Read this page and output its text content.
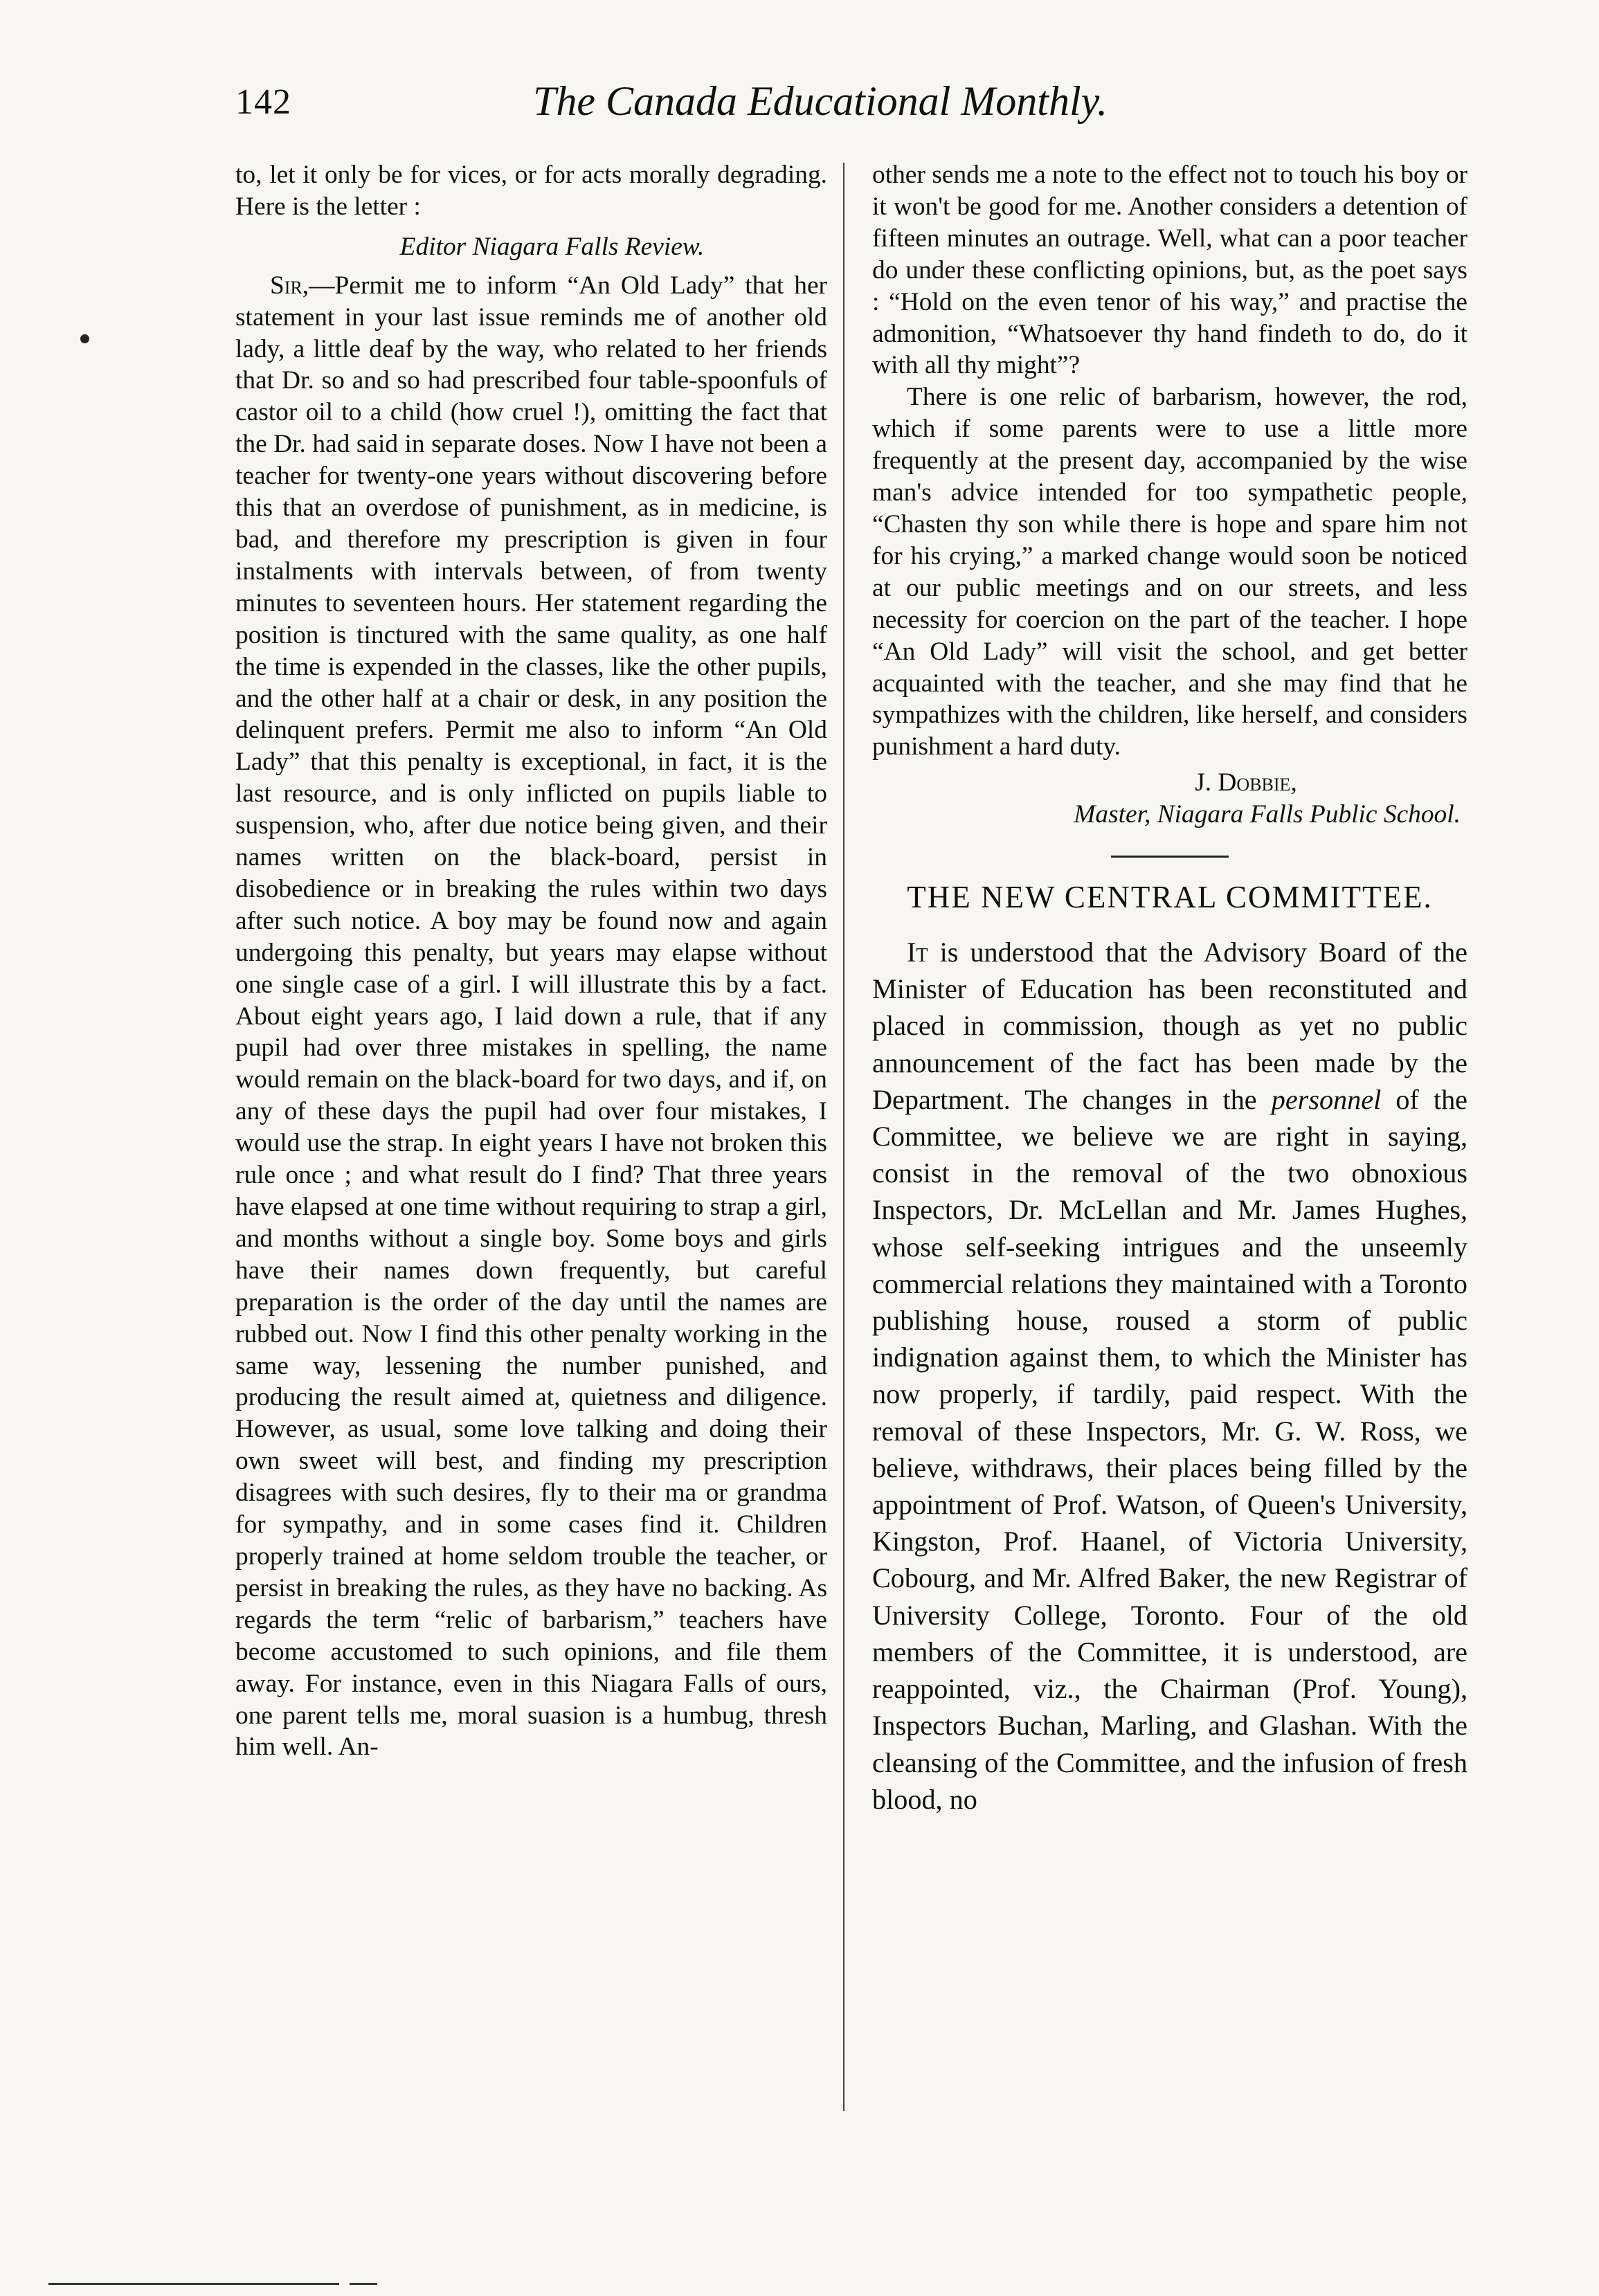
142	The Canada Educational Monthly.

to, let it only be for vices, or for acts morally degrading. Here is the letter :

Editor Niagara Falls Review.

Sir,—Permit me to inform “An Old Lady” that her statement in your last issue reminds me of another old lady, a little deaf by the way, who related to her friends that Dr. so and so had prescribed four table-spoonfuls of castor oil to a child (how cruel !), omitting the fact that the Dr. had said in separate doses. Now I have not been a teacher for twenty-one years without discovering before this that an overdose of punishment, as in medicine, is bad, and therefore my prescription is given in four instalments with intervals between, of from twenty minutes to seventeen hours. Her statement regarding the position is tinctured with the same quality, as one half the time is expended in the classes, like the other pupils, and the other half at a chair or desk, in any position the delinquent prefers. Permit me also to inform “An Old Lady” that this penalty is exceptional, in fact, it is the last resource, and is only inflicted on pupils liable to suspension, who, after due notice being given, and their names written on the black-board, persist in disobedience or in breaking the rules within two days after such notice. A boy may be found now and again undergoing this penalty, but years may elapse without one single case of a girl. I will illustrate this by a fact. About eight years ago, I laid down a rule, that if any pupil had over three mistakes in spelling, the name would remain on the black-board for two days, and if, on any of these days the pupil had over four mistakes, I would use the strap. In eight years I have not broken this rule once ; and what result do I find? That three years have elapsed at one time without requiring to strap a girl, and months without a single boy. Some boys and girls have their names down frequently, but careful preparation is the order of the day until the names are rubbed out. Now I find this other penalty working in the same way, lessening the number punished, and producing the result aimed at, quietness and diligence. However, as usual, some love talking and doing their own sweet will best, and finding my prescription disagrees with such desires, fly to their ma or grandma for sympathy, and in some cases find it. Children properly trained at home seldom trouble the teacher, or persist in breaking the rules, as they have no backing. As regards the term “relic of barbarism,” teachers have become accustomed to such opinions, and file them away. For instance, even in this Niagara Falls of ours, one parent tells me, moral suasion is a humbug, thresh him well. An-

other sends me a note to the effect not to touch his boy or it won't be good for me. Another considers a detention of fifteen minutes an outrage. Well, what can a poor teacher do under these conflicting opinions, but, as the poet says : “Hold on the even tenor of his way,” and practise the admonition, “Whatsoever thy hand findeth to do, do it with all thy might”?

There is one relic of barbarism, however, the rod, which if some parents were to use a little more frequently at the present day, accompanied by the wise man's advice intended for too sympathetic people, “Chasten thy son while there is hope and spare him not for his crying,” a marked change would soon be noticed at our public meetings and on our streets, and less necessity for coercion on the part of the teacher. I hope “An Old Lady” will visit the school, and get better acquainted with the teacher, and she may find that he sympathizes with the children, like herself, and considers punishment a hard duty.

J. Dobbie,

Master, Niagara Falls Public School.

THE NEW CENTRAL COMMITTEE.

It is understood that the Advisory Board of the Minister of Education has been reconstituted and placed in commission, though as yet no public announcement of the fact has been made by the Department. The changes in the personnel of the Committee, we believe we are right in saying, consist in the removal of the two obnoxious Inspectors, Dr. McLellan and Mr. James Hughes, whose self-seeking intrigues and the unseemly commercial relations they maintained with a Toronto publishing house, roused a storm of public indignation against them, to which the Minister has now properly, if tardily, paid respect. With the removal of these Inspectors, Mr. G. W. Ross, we believe, withdraws, their places being filled by the appointment of Prof. Watson, of Queen's University, Kingston, Prof. Haanel, of Victoria University, Cobourg, and Mr. Alfred Baker, the new Registrar of University College, Toronto. Four of the old members of the Committee, it is understood, are reappointed, viz., the Chairman (Prof. Young), Inspectors Buchan, Marling, and Glashan. With the cleansing of the Committee, and the infusion of fresh blood, no
